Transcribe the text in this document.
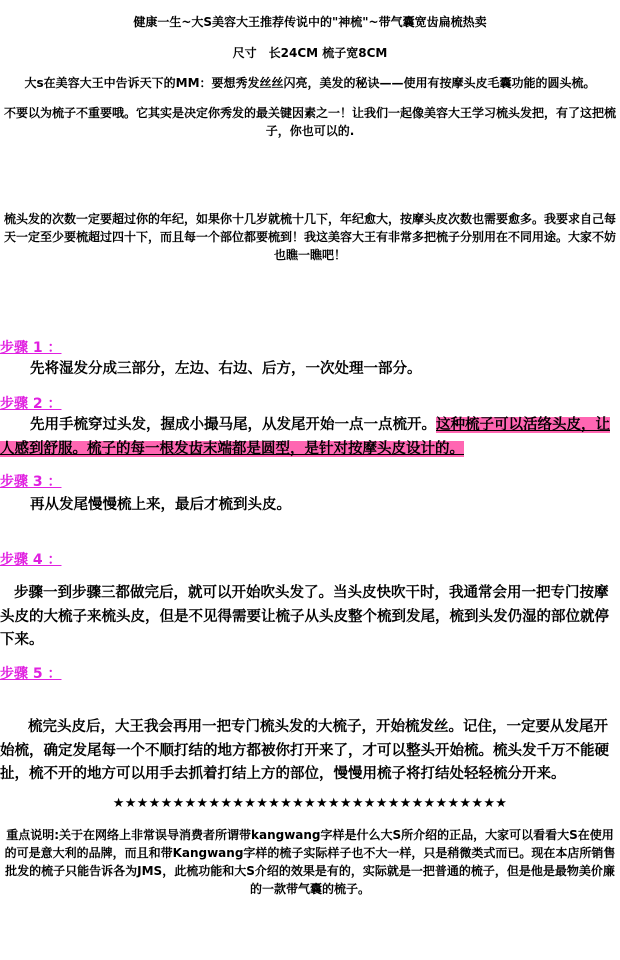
健康一生~大S美容大王推荐传说中的"神梳"~带气囊宽齿扁梳热卖
尺寸　长24CM 梳子宽8CM
大s在美容大王中告诉天下的MM：要想秀发丝丝闪亮，美发的秘诀——使用有按摩头皮毛囊功能的圆头梳。
不要以为梳子不重要哦。它其实是决定你秀发的最关键因素之一！让我们一起像美容大王学习梳头发把，有了这把梳子，你也可以的.
梳头发的次数一定要超过你的年纪，如果你十几岁就梳十几下，年纪愈大，按摩头皮次数也需要愈多。我要求自己每天一定至少要梳超过四十下，而且每一个部位都要梳到！我这美容大王有非常多把梳子分别用在不同用途。大家不妨也瞧一瞧吧！
步骤 1 ：
先将湿发分成三部分，左边、右边、后方，一次处理一部分。
步骤 2 ：
先用手梳穿过头发，握成小撮马尾，从发尾开始一点一点梳开。这种梳子可以活络头皮，让人感到舒服。梳子的每一根发齿末端都是圆型，是针对按摩头皮设计的。
步骤 3 ：
再从发尾慢慢梳上来，最后才梳到头皮。
步骤 4 ：
步骤一到步骤三都做完后，就可以开始吹头发了。当头皮快吹干时，我通常会用一把专门按摩头皮的大梳子来梳头皮，但是不见得需要让梳子从头皮整个梳到发尾，梳到头发仍湿的部位就停下来。
步骤 5 ：
梳完头皮后，大王我会再用一把专门梳头发的大梳子，开始梳发丝。记住，一定要从发尾开始梳，确定发尾每一个不顺打结的地方都被你打开来了，才可以整头开始梳。梳头发千万不能硬扯，梳不开的地方可以用手去抓着打结上方的部位，慢慢用梳子将打结处轻轻梳分开来。
★★★★★★★★★★★★★★★★★★★★★★★★★★★★★★★★★
重点说明:关于在网络上非常误导消费者所谓带kangwang字样是什么大S所介绍的正品，大家可以看看大S在使用的可是意大利的品牌，而且和带Kangwang字样的梳子实际样子也不大一样，只是稍微类式而已。现在本店所销售批发的梳子只能告诉各为JMS，此梳功能和大S介绍的效果是有的，实际就是一把普通的梳子，但是他是最物美价廉的一款带气囊的梳子。
